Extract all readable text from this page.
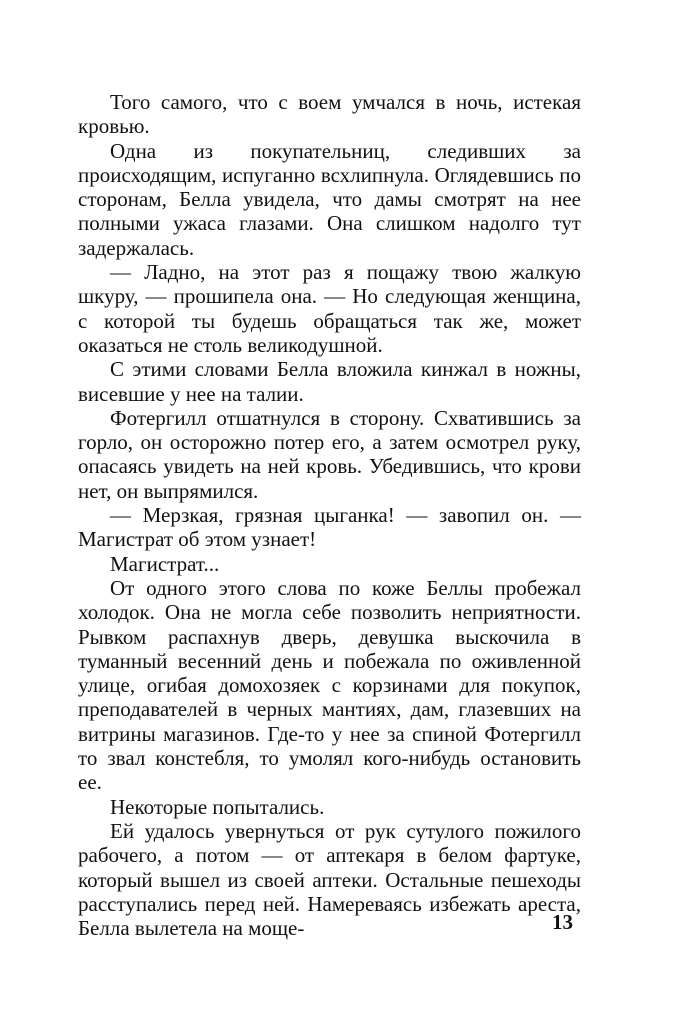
Того самого, что с воем умчался в ночь, истекая кровью.

Одна из покупательниц, следивших за происходящим, испуганно всхлипнула. Оглядевшись по сторонам, Белла увидела, что дамы смотрят на нее полными ужаса глазами. Она слишком надолго тут задержалась.

— Ладно, на этот раз я пощажу твою жалкую шкуру, — прошипела она. — Но следующая женщина, с которой ты будешь обращаться так же, может оказаться не столь великодушной.

С этими словами Белла вложила кинжал в ножны, висевшие у нее на талии.

Фотергилл отшатнулся в сторону. Схватившись за горло, он осторожно потер его, а затем осмотрел руку, опасаясь увидеть на ней кровь. Убедившись, что крови нет, он выпрямился.

— Мерзкая, грязная цыганка! — завопил он. — Магистрат об этом узнает!

Магистрат...

От одного этого слова по коже Беллы пробежал холодок. Она не могла себе позволить неприятности. Рывком распахнув дверь, девушка выскочила в туманный весенний день и побежала по оживленной улице, огибая домохозяек с корзинами для покупок, преподавателей в черных мантиях, дам, глазевших на витрины магазинов. Где-то у нее за спиной Фотергилл то звал констебля, то умолял кого-нибудь остановить ее.

Некоторые попытались.

Ей удалось увернуться от рук сутулого пожилого рабочего, а потом — от аптекаря в белом фартуке, который вышел из своей аптеки. Остальные пешеходы расступались перед ней. Намереваясь избежать ареста, Белла вылетела на моще-	13
